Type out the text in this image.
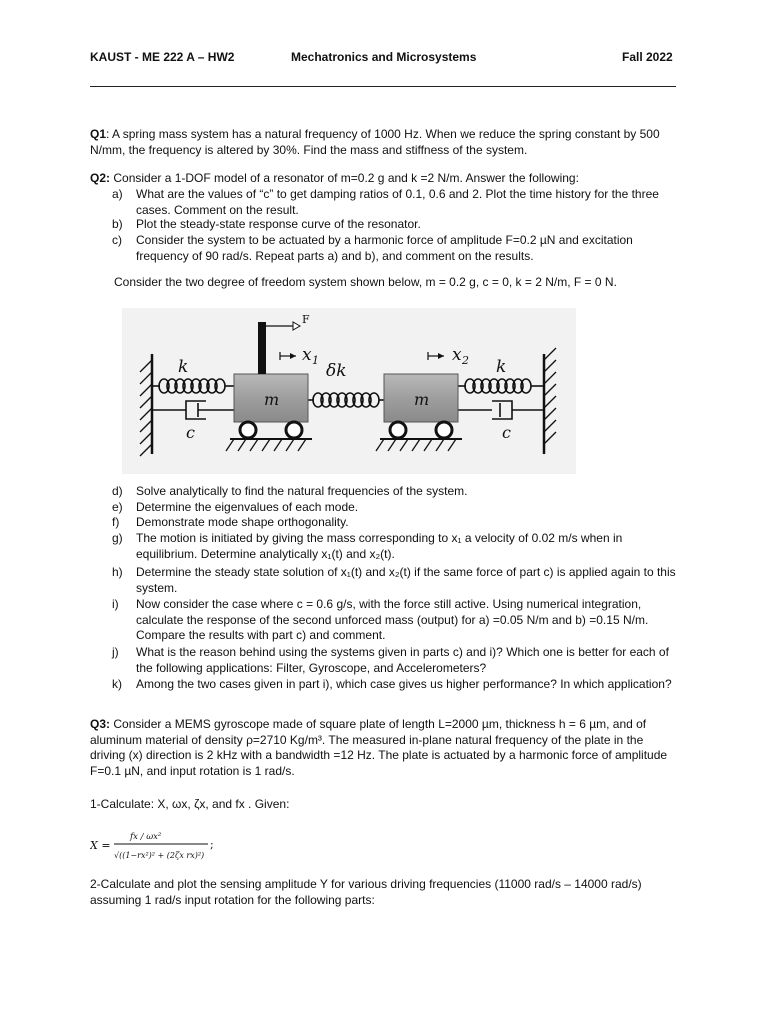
KAUST - ME 222 A – HW2	Mechatronics and Microsystems	Fall 2022
Q1: A spring mass system has a natural frequency of 1000 Hz. When we reduce the spring constant by 500 N/mm, the frequency is altered by 30%. Find the mass and stiffness of the system.
Q2: Consider a 1-DOF model of a resonator of m=0.2 g and k =2 N/m. Answer the following:
a)	What are the values of “c” to get damping ratios of 0.1, 0.6 and 2. Plot the time history for the three cases. Comment on the result.
b)	Plot the steady-state response curve of the resonator.
c)	Consider the system to be actuated by a harmonic force of amplitude F=0.2 µN and excitation frequency of 90 rad/s. Repeat parts a) and b), and comment on the results.
Consider the two degree of freedom system shown below, m = 0.2 g, c = 0, k = 2 N/m, F = 0 N.
F
x 1	x 2
δk
k	k
c	c
m	m
d)	Solve analytically to find the natural frequencies of the system.
e)	Determine the eigenvalues of each mode.
f)	Demonstrate mode shape orthogonality.
g)	The motion is initiated by giving the mass corresponding to x₁ a velocity of 0.02 m/s when in equilibrium. Determine analytically x₁(t) and x₂(t).
h)	Determine the steady state solution of x₁(t) and x₂(t) if the same force of part c) is applied again to this system.
i)	Now consider the case where c = 0.6 g/s, with the force still active. Using numerical integration, calculate the response of the second unforced mass (output) for a) =0.05 N/m and b) =0.15 N/m. Compare the results with part c) and comment.
j)	What is the reason behind using the systems given in parts c) and i)? Which one is better for each of the following applications: Filter, Gyroscope, and Accelerometers?
k)	Among the two cases given in part i), which case gives us higher performance? In which application?
Q3: Consider a MEMS gyroscope made of square plate of length L=2000 µm, thickness h = 6 µm, and of aluminum material of density ρ=2710 Kg/m³. The measured in-plane natural frequency of the plate in the driving (x) direction is 2 kHz with a bandwidth =12 Hz. The plate is actuated by a harmonic force of amplitude F=0.1 µN, and input rotation is 1 rad/s.
1-Calculate: X, ωx, ζx, and fx . Given:
X =
fx / ωx²
√((1−rx²)² + (2ζx rx)²)
;
2-Calculate and plot the sensing amplitude Y for various driving frequencies (11000 rad/s – 14000 rad/s) assuming 1 rad/s input rotation for the following parts:
